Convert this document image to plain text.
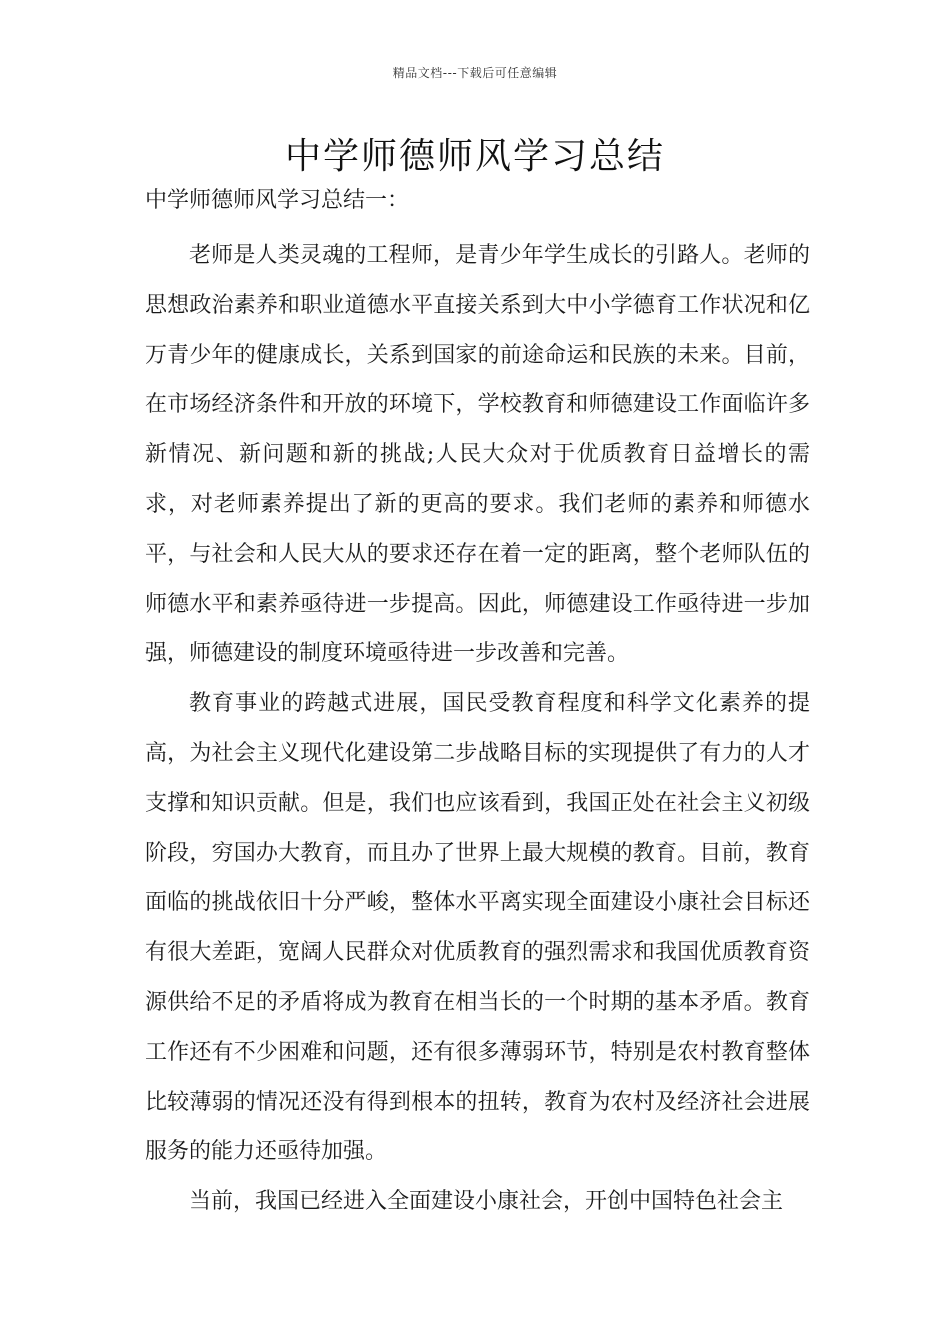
精品文档---下载后可任意编辑
中学师德师风学习总结

中学师德师风学习总结一：

老师是人类灵魂的工程师，是青少年学生成长的引路人。老师的思想政治素养和职业道德水平直接关系到大中小学德育工作状况和亿万青少年的健康成长，关系到国家的前途命运和民族的未来。目前，在市场经济条件和开放的环境下，学校教育和师德建设工作面临许多新情况、新问题和新的挑战;人民大众对于优质教育日益增长的需求，对老师素养提出了新的更高的要求。我们老师的素养和师德水平，与社会和人民大从的要求还存在着一定的距离，整个老师队伍的师德水平和素养亟待进一步提高。因此，师德建设工作亟待进一步加强，师德建设的制度环境亟待进一步改善和完善。

教育事业的跨越式进展，国民受教育程度和科学文化素养的提高，为社会主义现代化建设第二步战略目标的实现提供了有力的人才支撑和知识贡献。但是，我们也应该看到，我国正处在社会主义初级阶段，穷国办大教育，而且办了世界上最大规模的教育。目前，教育面临的挑战依旧十分严峻，整体水平离实现全面建设小康社会目标还有很大差距，宽阔人民群众对优质教育的强烈需求和我国优质教育资源供给不足的矛盾将成为教育在相当长的一个时期的基本矛盾。教育工作还有不少困难和问题，还有很多薄弱环节，特别是农村教育整体比较薄弱的情况还没有得到根本的扭转，教育为农村及经济社会进展服务的能力还亟待加强。

当前，我国已经进入全面建设小康社会，开创中国特色社会主
